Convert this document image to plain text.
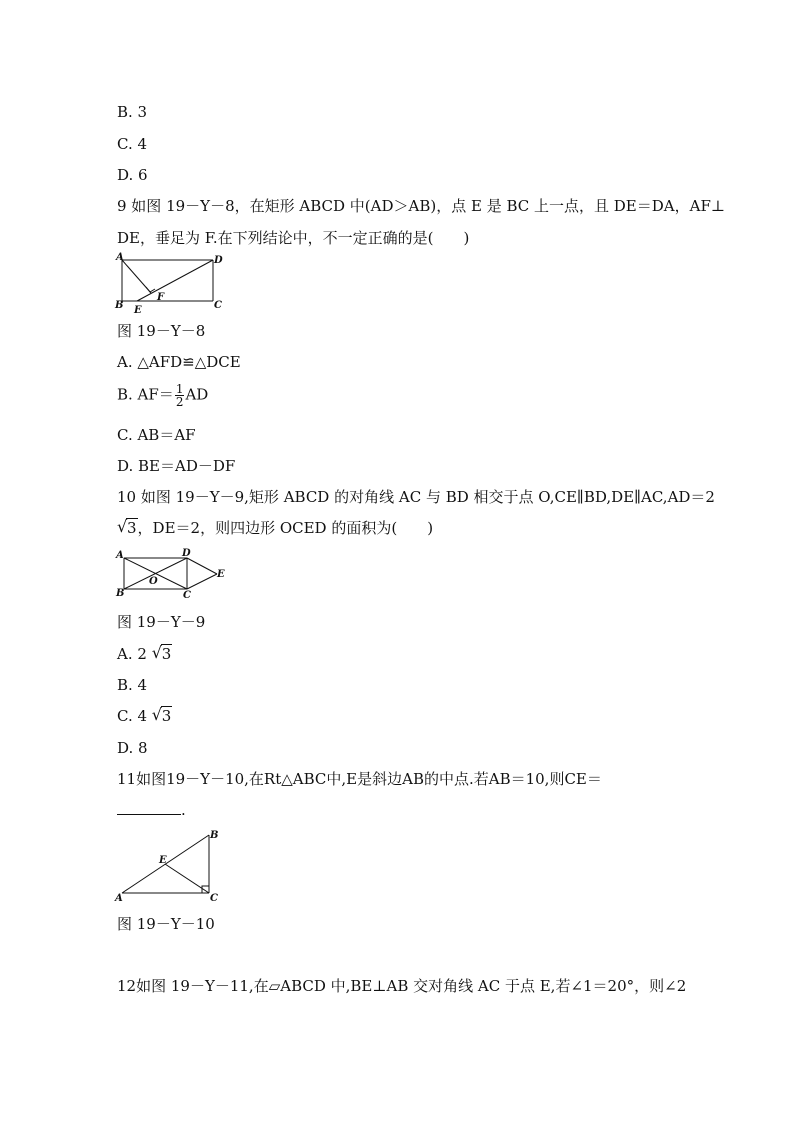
B. 3
C. 4
D. 6
9 如图 19－Y－8，在矩形 ABCD 中(AD＞AB)，点 E 是 BC 上一点，且 DE＝DA，AF⊥
DE，垂足为 F.在下列结论中，不一定正确的是(　　)
A	D
B	C
E
F
图 19－Y－8
A. △AFD≌△DCE
B. $AF= \frac{1}{2}$ AD
C. AB＝AF
D. BE＝AD－DF
10 如图 19－Y－9,矩形 ABCD 的对角线 AC 与 BD 相交于点 O,CE∥BD,DE∥AC,AD＝2
√ 3，DE＝2，则四边形 OCED 的面积为(　　)
A	D
B	C
O
E
图 19－Y－9
A. 2 √ 3
B. 4
C. 4 √ 3
D. 8
11如图19－Y－10,在Rt△ABC中,E是斜边AB的中点.若AB＝10,则CE＝
.
A
B
C
E
图 19－Y－10
12如图 19－Y－11,在▱ABCD 中,BE⊥AB 交对角线 AC 于点 E,若∠1＝20°，则∠2
